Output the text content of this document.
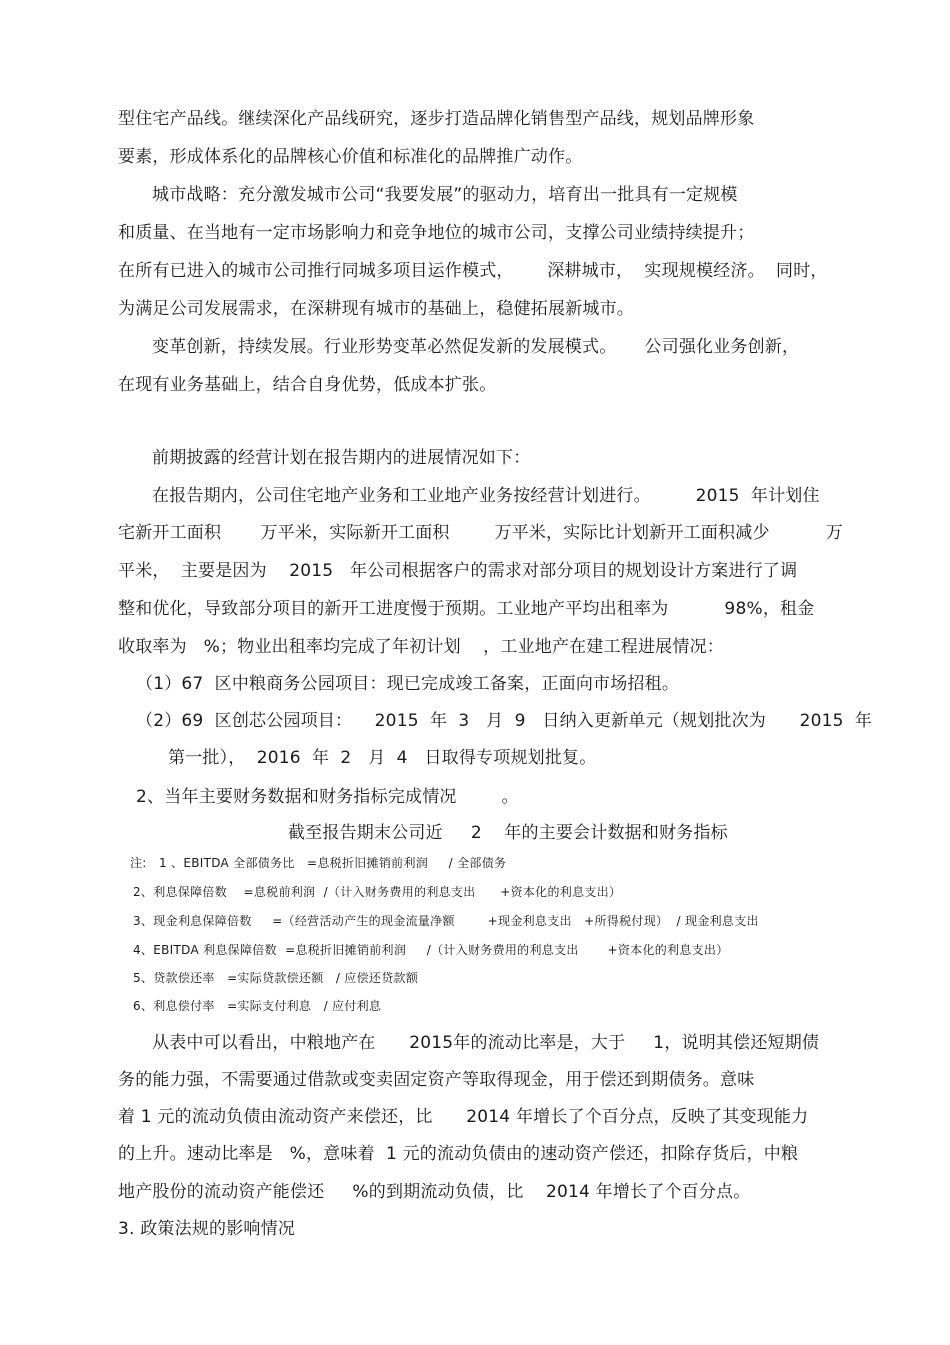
型住宅产品线。继续深化产品线研究，逐步打造品牌化销售型产品线，规划品牌形象
要素，形成体系化的品牌核心价值和标准化的品牌推广动作。
城市战略：充分激发城市公司“我要发展”的驱动力，培育出一批具有一定规模
和质量、在当地有一定市场影响力和竞争地位的城市公司，支撑公司业绩持续提升；
在所有已进入的城市公司推行同城多项目运作模式，      深耕城市，  实现规模经济。  同时，
为满足公司发展需求，在深耕现有城市的基础上，稳健拓展新城市。
变革创新，持续发展。行业形势变革必然促发新的发展模式。     公司强化业务创新，
在现有业务基础上，结合自身优势，低成本扩张。
前期披露的经营计划在报告期内的进展情况如下：
在报告期内，公司住宅地产业务和工业地产业务按经营计划进行。        2015  年计划住
宅新开工面积       万平米，实际新开工面积        万平米，实际比计划新开工面积减少          万
平米，  主要是因为    2015   年公司根据客户的需求对部分项目的规划设计方案进行了调
整和优化，导致部分项目的新开工进度慢于预期。工业地产平均出租率为          98%，租金
收取率为   %；物业出租率均完成了年初计划    ，工业地产在建工程进展情况：
（1）67  区中粮商务公园项目：现已完成竣工备案，正面向市场招租。
（2）69  区创芯公园项目：    2015  年  3   月  9   日纳入更新单元（规划批次为      2015  年
第一批），  2016  年  2   月  4   日取得专项规划批复。
2、当年主要财务数据和财务指标完成情况        。
截至报告期末公司近     2    年的主要会计数据和财务指标
注:   1 、EBITDA 全部债务比   =息税折旧摊销前利润     / 全部债务
2、利息保障倍数    =息税前利润  /（计入财务费用的利息支出      +资本化的利息支出）
3、现金利息保障倍数     =（经营活动产生的现金流量净额        +现金利息支出   +所得税付现）  / 现金利息支出
4、EBITDA 利息保障倍数  =息税折旧摊销前利润     /（计入财务费用的利息支出       +资本化的利息支出）
5、贷款偿还率   =实际贷款偿还额   / 应偿还贷款额
6、利息偿付率   =实际支付利息   / 应付利息
从表中可以看出，中粮地产在      2015年的流动比率是，大于     1，说明其偿还短期债
务的能力强，不需要通过借款或变卖固定资产等取得现金，用于偿还到期债务。意味
着 1 元的流动负债由流动资产来偿还，比      2014 年增长了个百分点，反映了其变现能力
的上升。速动比率是   %，意味着  1 元的流动负债由的速动资产偿还，扣除存货后，中粮
地产股份的流动资产能偿还     %的到期流动负债，比    2014 年增长了个百分点。
3. 政策法规的影响情况
